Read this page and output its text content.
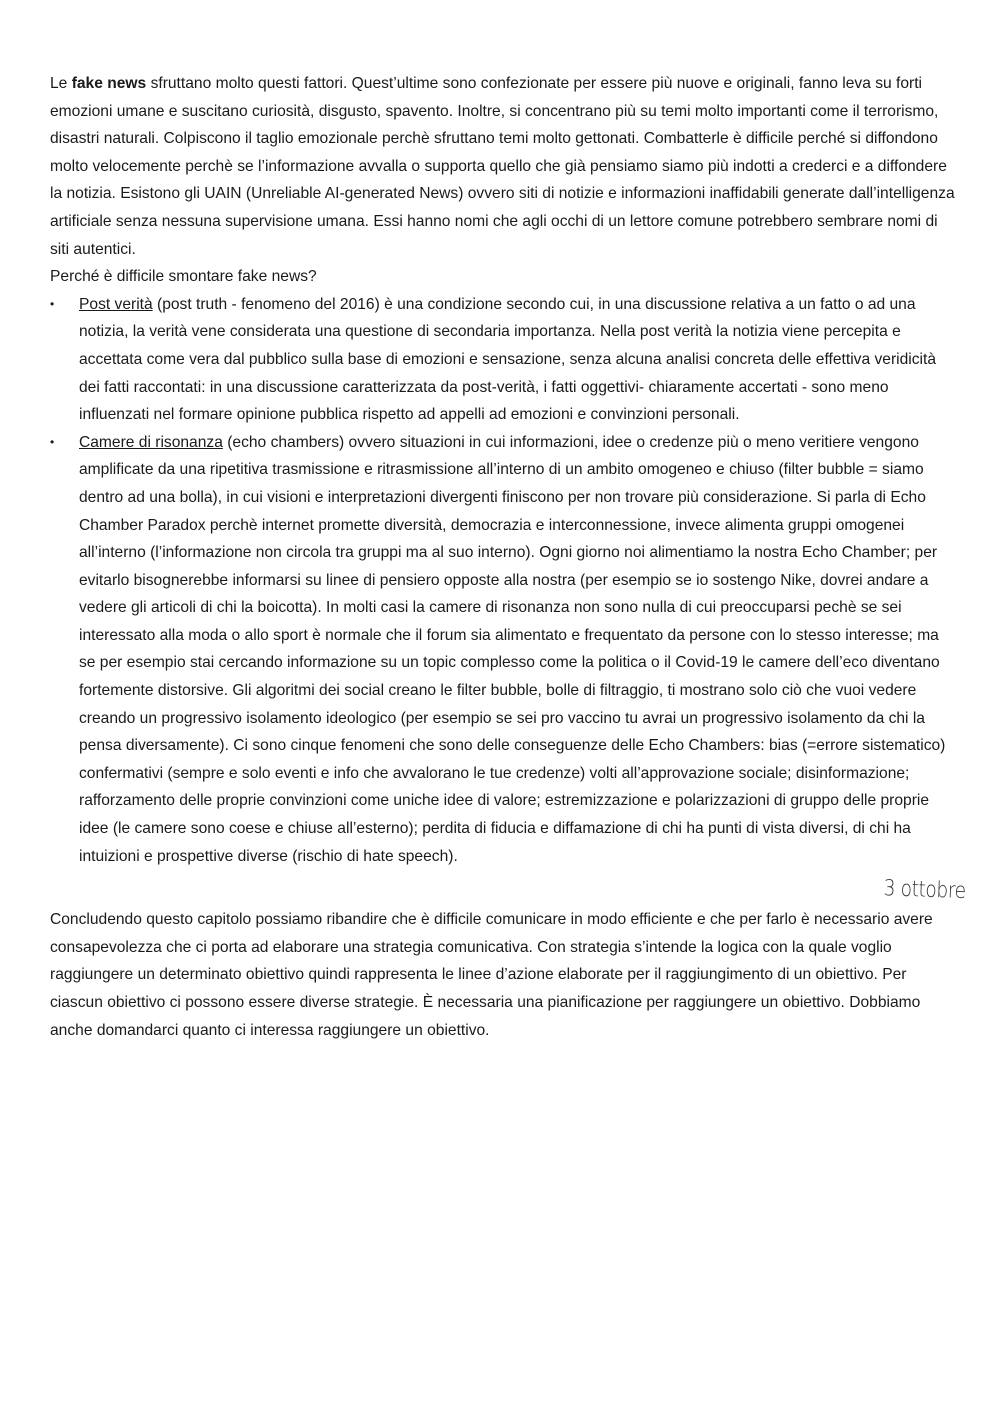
Le fake news sfruttano molto questi fattori. Quest’ultime sono confezionate per essere più nuove e originali, fanno leva su forti emozioni umane e suscitano curiosità, disgusto, spavento. Inoltre, si concentrano più su temi molto importanti come il terrorismo, disastri naturali. Colpiscono il taglio emozionale perchè sfruttano temi molto gettonati. Combatterle è difficile perché si diffondono molto velocemente perchè se l’informazione avvalla o supporta quello che già pensiamo siamo più indotti a crederci e a diffondere la notizia. Esistono gli UAIN (Unreliable AI-generated News) ovvero siti di notizie e informazioni inaffidabili generate dall’intelligenza artificiale senza nessuna supervisione umana. Essi hanno nomi che agli occhi di un lettore comune potrebbero sembrare nomi di siti autentici.

Perché è difficile smontare fake news?

•	Post verità (post truth - fenomeno del 2016) è una condizione secondo cui, in una discussione relativa a un fatto o ad una notizia, la verità vene considerata una questione di secondaria importanza. Nella post verità la notizia viene percepita e accettata come vera dal pubblico sulla base di emozioni e sensazione, senza alcuna analisi concreta delle effettiva veridicità dei fatti raccontati: in una discussione caratterizzata da post-verità, i fatti oggettivi- chiaramente accertati - sono meno influenzati nel formare opinione pubblica rispetto ad appelli ad emozioni e convinzioni personali.
•	Camere di risonanza (echo chambers) ovvero situazioni in cui informazioni, idee o credenze più o meno veritiere vengono amplificate da una ripetitiva trasmissione e ritrasmissione all’interno di un ambito omogeneo e chiuso (filter bubble = siamo dentro ad una bolla), in cui visioni e interpretazioni divergenti finiscono per non trovare più considerazione. Si parla di Echo Chamber Paradox perchè internet promette diversità, democrazia e interconnessione, invece alimenta gruppi omogenei all’interno (l’informazione non circola tra gruppi ma al suo interno). Ogni giorno noi alimentiamo la nostra Echo Chamber; per evitarlo bisognerebbe informarsi su linee di pensiero opposte alla nostra (per esempio se io sostengo Nike, dovrei andare a vedere gli articoli di chi la boicotta). In molti casi la camere di risonanza non sono nulla di cui preoccuparsi pechè se sei interessato alla moda o allo sport è normale che il forum sia alimentato e frequentato da persone con lo stesso interesse; ma se per esempio stai cercando informazione su un topic complesso come la politica o il Covid-19 le camere dell’eco diventano fortemente distorsive. Gli algoritmi dei social creano le filter bubble, bolle di filtraggio, ti mostrano solo ciò che vuoi vedere creando un progressivo isolamento ideologico (per esempio se sei pro vaccino tu avrai un progressivo isolamento da chi la pensa diversamente). Ci sono cinque fenomeni che sono delle conseguenze delle Echo Chambers: bias (=errore sistematico) confermativi (sempre e solo eventi e info che avvalorano le tue credenze) volti all’approvazione sociale; disinformazione; rafforzamento delle proprie convinzioni come uniche idee di valore; estremizzazione e polarizzazioni di gruppo delle proprie idee (le camere sono coese e chiuse all’esterno); perdita di fiducia e diffamazione di chi ha punti di vista diversi, di chi ha intuizioni e prospettive diverse (rischio di hate speech).

Concludendo questo capitolo possiamo ribandire che è difficile comunicare in modo efficiente e che per farlo è necessario avere consapevolezza che ci porta ad elaborare una strategia comunicativa. Con strategia s’intende la logica con la quale voglio raggiungere un determinato obiettivo quindi rappresenta le linee d’azione elaborate per il raggiungimento di un obiettivo. Per ciascun obiettivo ci possono essere diverse strategie. È necessaria una pianificazione per raggiungere un obiettivo. Dobbiamo anche domandarci quanto ci interessa raggiungere un obiettivo.

3 ottobre
